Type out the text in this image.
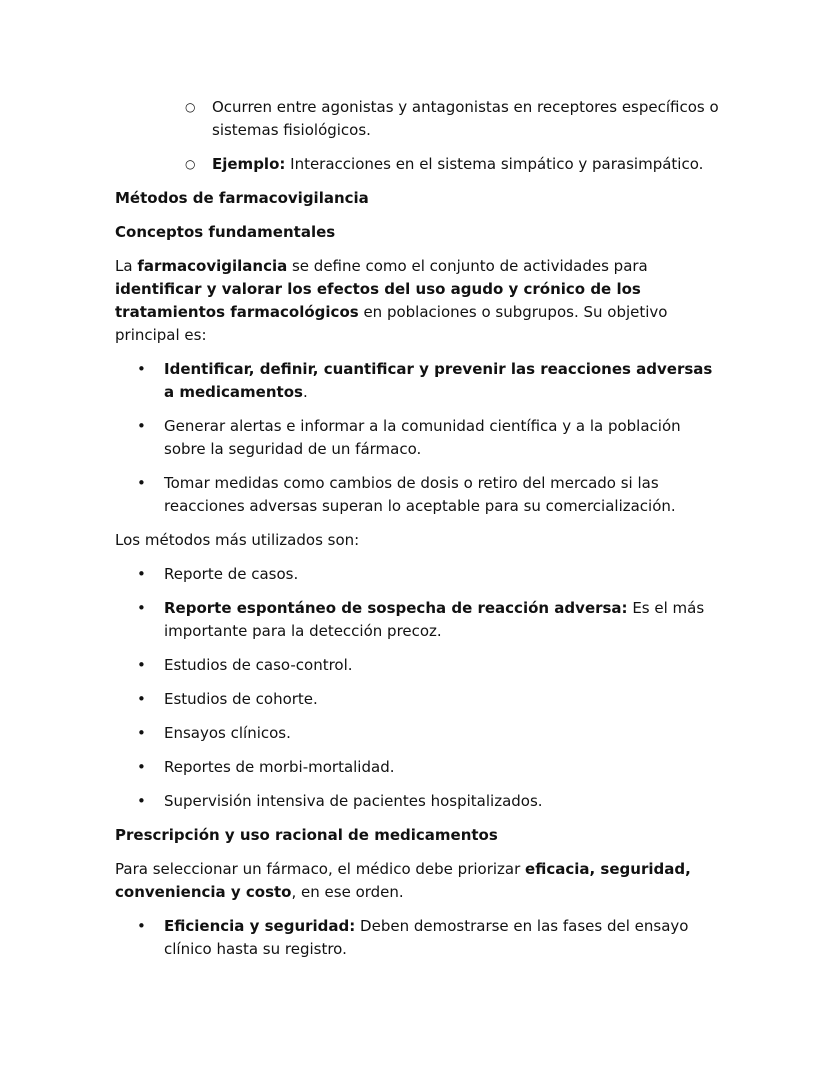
○ Ocurren entre agonistas y antagonistas en receptores específicos o sistemas fisiológicos.
○ Ejemplo: Interacciones en el sistema simpático y parasimpático.

Métodos de farmacovigilancia

Conceptos fundamentales

La farmacovigilancia se define como el conjunto de actividades para identificar y valorar los efectos del uso agudo y crónico de los tratamientos farmacológicos en poblaciones o subgrupos. Su objetivo principal es:

• Identificar, definir, cuantificar y prevenir las reacciones adversas a medicamentos.
• Generar alertas e informar a la comunidad científica y a la población sobre la seguridad de un fármaco.
• Tomar medidas como cambios de dosis o retiro del mercado si las reacciones adversas superan lo aceptable para su comercialización.

Los métodos más utilizados son:

• Reporte de casos.
• Reporte espontáneo de sospecha de reacción adversa: Es el más importante para la detección precoz.
• Estudios de caso-control.
• Estudios de cohorte.
• Ensayos clínicos.
• Reportes de morbi-mortalidad.
• Supervisión intensiva de pacientes hospitalizados.

Prescripción y uso racional de medicamentos

Para seleccionar un fármaco, el médico debe priorizar eficacia, seguridad, conveniencia y costo, en ese orden.

• Eficiencia y seguridad: Deben demostrarse en las fases del ensayo clínico hasta su registro.
